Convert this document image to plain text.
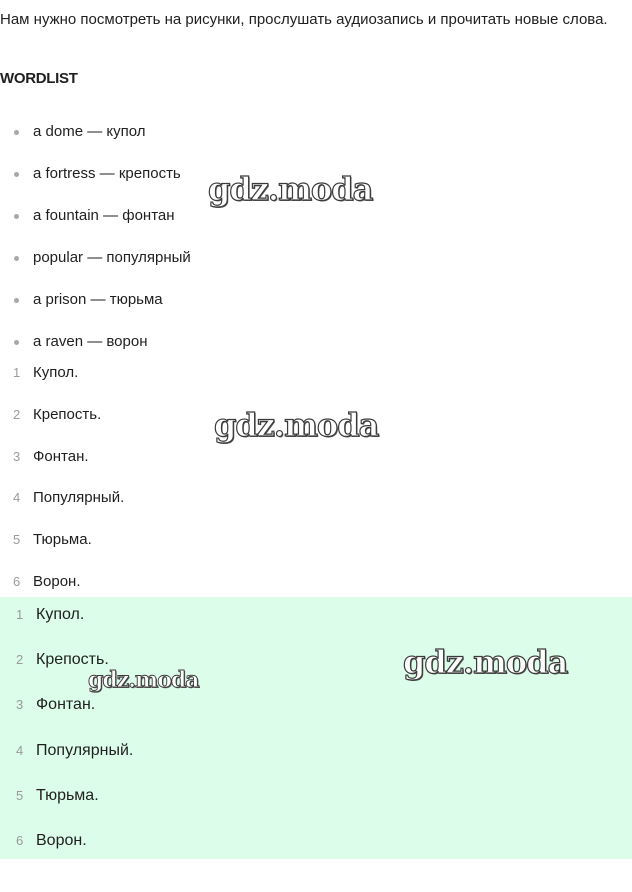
Нам нужно посмотреть на рисунки, прослушать аудиозапись и прочитать новые слова.

WORDLIST
a dome — купол
a fortress — крепость
a fountain — фонтан
popular — популярный
a prison — тюрьма
a raven — ворон
1 Купол.
2 Крепость.
3 Фонтан.
4 Популярный.
5 Тюрьма.
6 Ворон.
1 Купол.
2 Крепость.
3 Фонтан.
4 Популярный.
5 Тюрьма.
6 Ворон.
gdz.moda
gdz.moda
gdz.moda
gdz.moda
